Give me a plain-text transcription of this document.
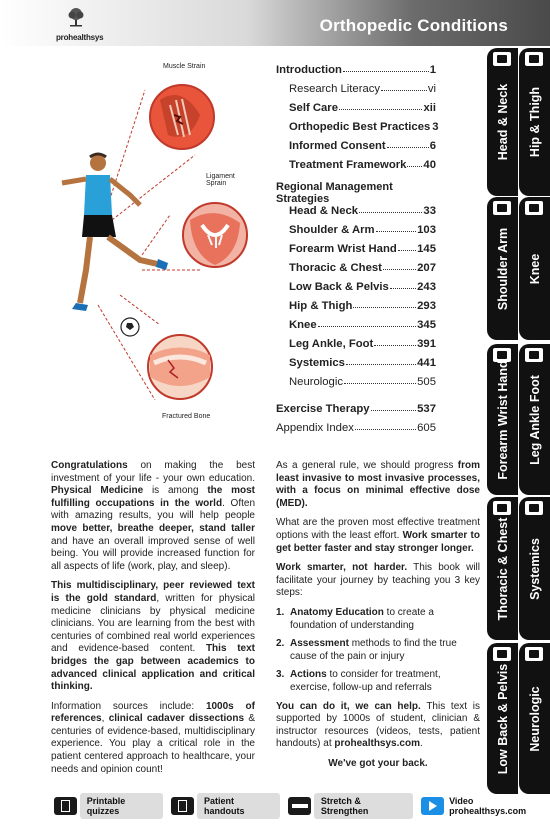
prohealthsys
Orthopedic Conditions
Muscle Strain
Ligament Sprain
Fractured Bone
Introduction	1
Research Literacy	vi
Self Care	xii
Orthopedic Best Practices 3
Informed Consent	6
Treatment Framework 40
Regional Management Strategies
Head & Neck	33
Shoulder & Arm	103
Forearm Wrist Hand 145
Thoracic & Chest	207
Low Back & Pelvis	243
Hip & Thigh	293
Knee	345
Leg Ankle, Foot	391
Systemics	441
Neurologic	505
Exercise Therapy	537
Appendix Index	605
Head & Neck
Shoulder Arm
Forearm Wrist Hand
Thoracic & Chest
Low Back & Pelvis
Hip & Thigh
Knee
Leg Ankle Foot
Systemics
Neurologic

Congratulations on making the best investment of your life - your own education. Physical Medicine is among the most fulfilling occupations in the world. Often with amazing results, you will help people move better, breathe deeper, stand taller and have an overall improved sense of well being. You will provide increased function for all aspects of life (work, play, and sleep).

This multidisciplinary, peer reviewed text is the gold standard, written for physical medicine clinicians by physical medicine clinicians. You are learning from the best with centuries of combined real world experiences and evidence-based content. This text bridges the gap between academics to advanced clinical application and critical thinking.

Information sources include: 1000s of references, clinical cadaver dissections & centuries of evidence-based, multidisciplinary experience. You play a critical role in the patient centered approach to healthcare, your needs and opinion count!

As a general rule, we should progress from least invasive to most invasive processes, with a focus on minimal effective dose (MED).

What are the proven most effective treatment options with the least effort. Work smarter to get better faster and stay stronger longer.

Work smarter, not harder. This book will facilitate your journey by teaching you 3 key steps:

1. Anatomy Education to create a foundation of understanding
2. Assessment methods to find the true cause of the pain or injury
3. Actions to consider for treatment, exercise, follow-up and referrals

You can do it, we can help. This text is supported by 1000s of student, clinician & instructor resources (videos, tests, patient handouts) at prohealthsys.com.

We've got your back.

Printable quizzes
Patient handouts
Stretch & Strengthen
Video prohealthsys.com
